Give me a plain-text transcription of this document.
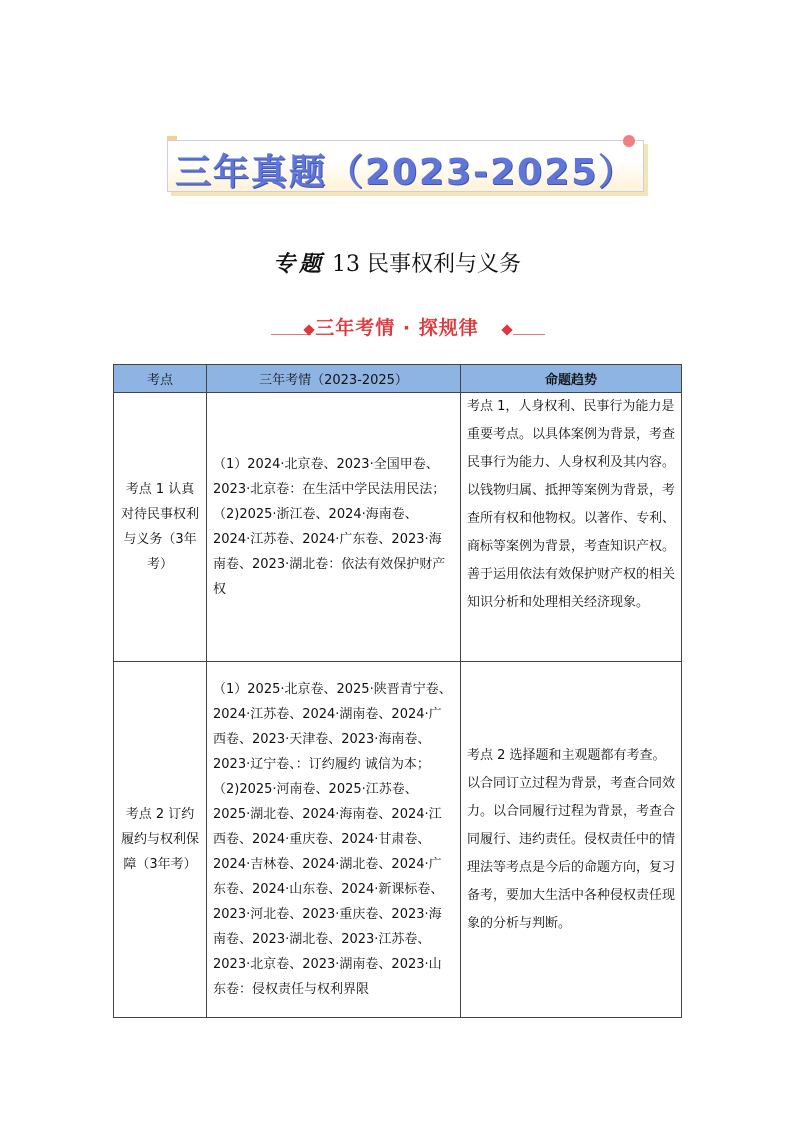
三年真题（2023-2025）
专题 13 民事权利与义务
三年考情 · 探规律
考点	三年考情（2023-2025）	命题趋势
考点 1 认真对待民事权利与义务（3年考）	（1）2024·北京卷、2023·全国甲卷、2023·北京卷：在生活中学民法用民法；
（2)2025·浙江卷、2024·海南卷、2024·江苏卷、2024·广东卷、2023·海南卷、2023·湖北卷：依法有效保护财产权	考点 1，人身权利、民事行为能力是重要考点。以具体案例为背景，考查民事行为能力、人身权利及其内容。以钱物归属、抵押等案例为背景，考查所有权和他物权。以著作、专利、商标等案例为背景，考查知识产权。善于运用依法有效保护财产权的相关知识分析和处理相关经济现象。
考点 2 订约履约与权利保障（3年考）	（1）2025·北京卷、2025·陕晋青宁卷、2024·江苏卷、2024·湖南卷、2024·广西卷、2023·天津卷、2023·海南卷、2023·辽宁卷、：订约履约 诚信为本；
（2)2025·河南卷、2025·江苏卷、2025·湖北卷、2024·海南卷、2024·江西卷、2024·重庆卷、2024·甘肃卷、2024·吉林卷、2024·湖北卷、2024·广东卷、2024·山东卷、2024·新课标卷、2023·河北卷、2023·重庆卷、2023·海南卷、2023·湖北卷、2023·江苏卷、2023·北京卷、2023·湖南卷、2023·山东卷：侵权责任与权利界限	考点 2 选择题和主观题都有考查。以合同订立过程为背景，考查合同效力。以合同履行过程为背景，考查合同履行、违约责任。侵权责任中的情理法等考点是今后的命题方向，复习备考，要加大生活中各种侵权责任现象的分析与判断。
